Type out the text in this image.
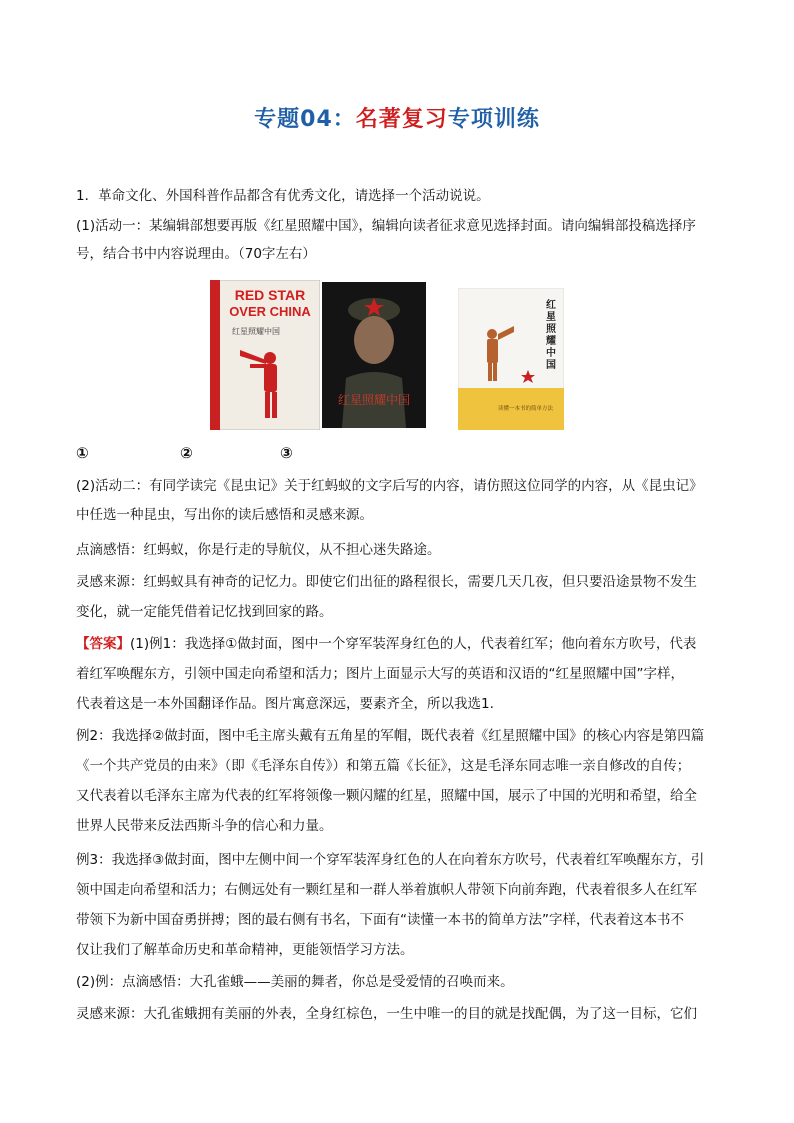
专题04：名著复习专项训练
1．革命文化、外国科普作品都含有优秀文化，请选择一个活动说说。
(1)活动一：某编辑部想要再版《红星照耀中国》，编辑向读者征求意见选择封面。请向编辑部投稿选择序
号，结合书中内容说理由。（70字左右）
RED STAR
OVER CHINA
红星照耀中国
红星照耀中国
红星照耀中国
读懂一本书的简单方法
①	②	③
(2)活动二：有同学读完《昆虫记》关于红蚂蚁的文字后写的内容，请仿照这位同学的内容，从《昆虫记》
中任选一种昆虫，写出你的读后感悟和灵感来源。
点滴感悟：红蚂蚁，你是行走的导航仪，从不担心迷失路途。
灵感来源：红蚂蚁具有神奇的记忆力。即使它们出征的路程很长，需要几天几夜，但只要沿途景物不发生
变化，就一定能凭借着记忆找到回家的路。
【答案】(1)例1：我选择①做封面，图中一个穿军装浑身红色的人，代表着红军；他向着东方吹号，代表
着红军唤醒东方，引领中国走向希望和活力；图片上面显示大写的英语和汉语的“红星照耀中国”字样，
代表着这是一本外国翻译作品。图片寓意深远，要素齐全，所以我选1.
例2：我选择②做封面，图中毛主席头戴有五角星的军帽，既代表着《红星照耀中国》的核心内容是第四篇
《一个共产党员的由来》（即《毛泽东自传》）和第五篇《长征》，这是毛泽东同志唯一亲自修改的自传；
又代表着以毛泽东主席为代表的红军将领像一颗闪耀的红星，照耀中国，展示了中国的光明和希望，给全
世界人民带来反法西斯斗争的信心和力量。
例3：我选择③做封面，图中左侧中间一个穿军装浑身红色的人在向着东方吹号，代表着红军唤醒东方，引
领中国走向希望和活力；右侧远处有一颗红星和一群人举着旗帜人带领下向前奔跑，代表着很多人在红军
带领下为新中国奋勇拼搏；图的最右侧有书名，下面有“读懂一本书的简单方法”字样，代表着这本书不
仅让我们了解革命历史和革命精神，更能领悟学习方法。
(2)例：点滴感悟：大孔雀蛾——美丽的舞者，你总是受爱情的召唤而来。
灵感来源：大孔雀蛾拥有美丽的外表，全身红棕色，一生中唯一的目的就是找配偶，为了这一目标，它们
